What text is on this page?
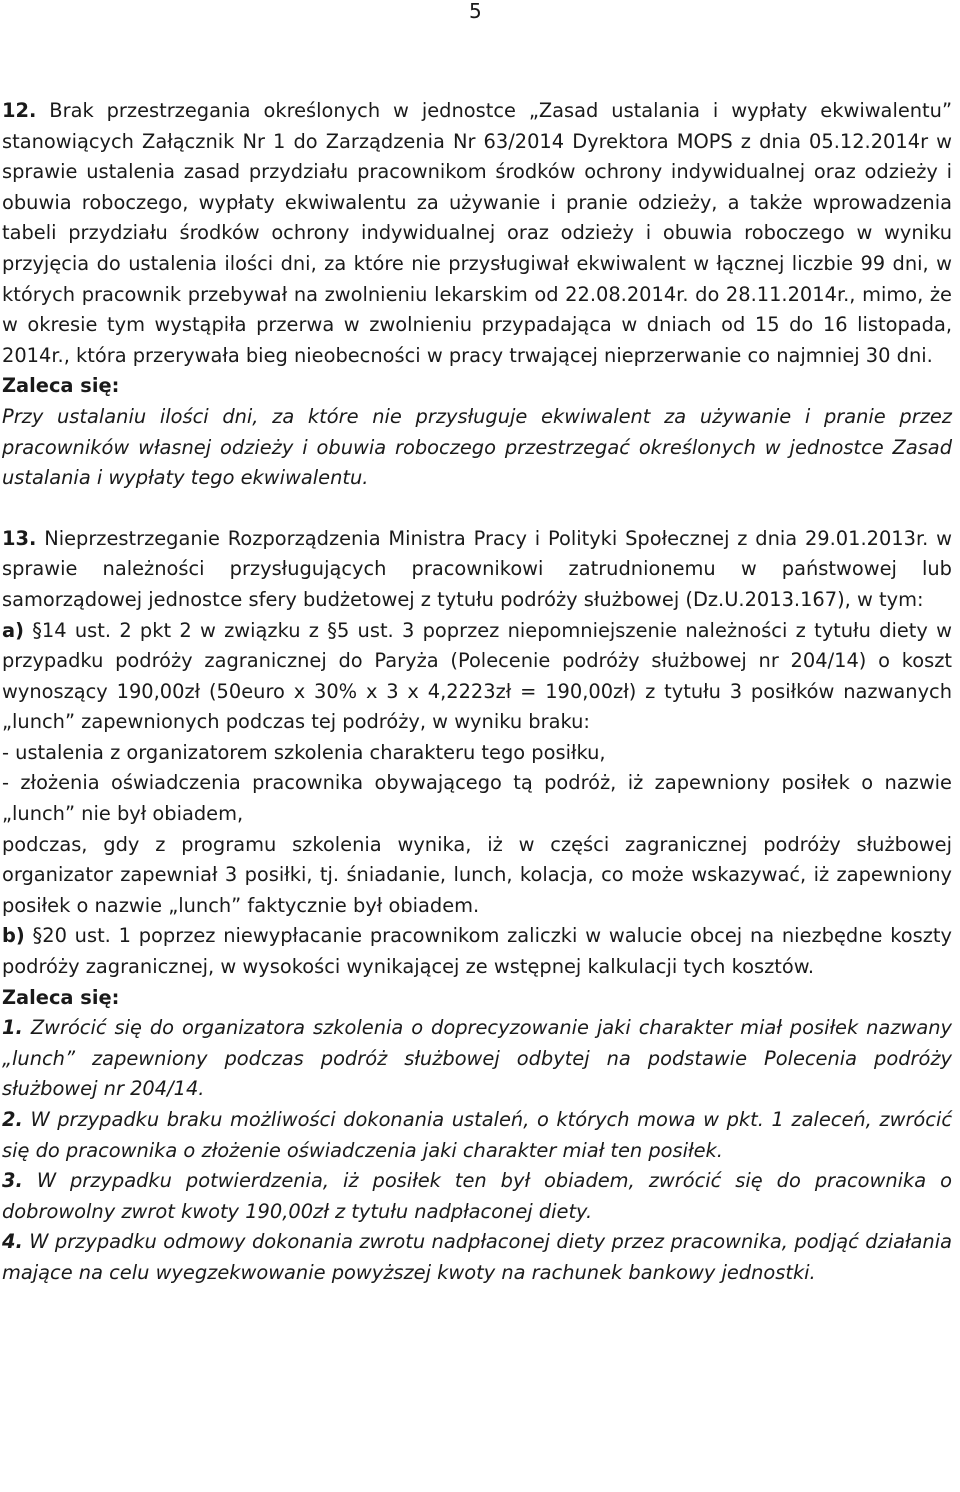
5

12. Brak przestrzegania określonych w jednostce „Zasad ustalania i wypłaty ekwiwalentu” stanowiących Załącznik Nr 1 do Zarządzenia Nr 63/2014 Dyrektora MOPS z dnia 05.12.2014r w sprawie ustalenia zasad przydziału pracownikom środków ochrony indywidualnej oraz odzieży i obuwia roboczego, wypłaty ekwiwalentu za używanie i pranie odzieży, a także wprowadzenia tabeli przydziału środków ochrony indywidualnej oraz odzieży i obuwia roboczego w wyniku przyjęcia do ustalenia ilości dni, za które nie przysługiwał ekwiwalent w łącznej liczbie 99 dni, w których pracownik przebywał na zwolnieniu lekarskim od 22.08.2014r. do 28.11.2014r., mimo, że w okresie tym wystąpiła przerwa w zwolnieniu przypadająca w dniach od 15 do 16 listopada, 2014r., która przerywała bieg nieobecności w pracy trwającej nieprzerwanie co najmniej 30 dni.

Zaleca się:

Przy ustalaniu ilości dni, za które nie przysługuje ekwiwalent za używanie i pranie przez pracowników własnej odzieży i obuwia roboczego przestrzegać określonych w jednostce Zasad ustalania i wypłaty tego ekwiwalentu.

13. Nieprzestrzeganie Rozporządzenia Ministra Pracy i Polityki Społecznej z dnia 29.01.2013r. w sprawie należności przysługujących pracownikowi zatrudnionemu w państwowej lub samorządowej jednostce sfery budżetowej z tytułu podróży służbowej (Dz.U.2013.167), w tym:

a) §14 ust. 2 pkt 2 w związku z §5 ust. 3 poprzez niepomniejszenie należności z tytułu diety w przypadku podróży zagranicznej do Paryża (Polecenie podróży służbowej nr 204/14) o koszt wynoszący 190,00zł (50euro x 30% x 3 x 4,2223zł = 190,00zł) z tytułu 3 posiłków nazwanych „lunch” zapewnionych podczas tej podróży, w wyniku braku:

- ustalenia z organizatorem szkolenia charakteru tego posiłku,

- złożenia oświadczenia pracownika obywającego tą podróż, iż zapewniony posiłek o nazwie „lunch” nie był obiadem,

podczas, gdy z programu szkolenia wynika, iż w części zagranicznej podróży służbowej organizator zapewniał 3 posiłki, tj. śniadanie, lunch, kolacja, co może wskazywać, iż zapewniony posiłek o nazwie „lunch” faktycznie był obiadem.

b) §20 ust. 1 poprzez niewypłacanie pracownikom zaliczki w walucie obcej na niezbędne koszty podróży zagranicznej, w wysokości wynikającej ze wstępnej kalkulacji tych kosztów.

Zaleca się:

1. Zwrócić się do organizatora szkolenia o doprecyzowanie jaki charakter miał posiłek nazwany „lunch” zapewniony podczas podróż służbowej odbytej na podstawie Polecenia podróży służbowej nr 204/14.

2. W przypadku braku możliwości dokonania ustaleń, o których mowa w pkt. 1 zaleceń, zwrócić się do pracownika o złożenie oświadczenia jaki charakter miał ten posiłek.

3. W przypadku potwierdzenia, iż posiłek ten był obiadem, zwrócić się do pracownika o dobrowolny zwrot kwoty 190,00zł z tytułu nadpłaconej diety.

4. W przypadku odmowy dokonania zwrotu nadpłaconej diety przez pracownika, podjąć działania mające na celu wyegzekwowanie powyższej kwoty na rachunek bankowy jednostki.
